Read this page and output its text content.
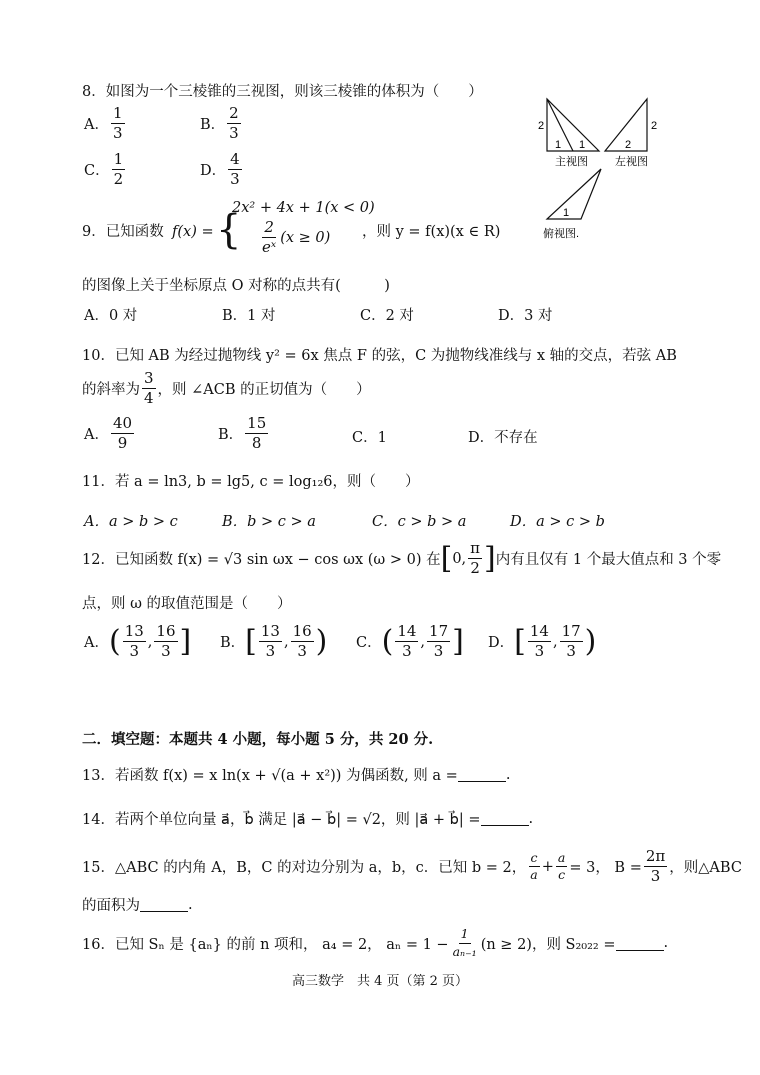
8．如图为一个三棱锥的三视图，则该三棱锥的体积为（　　）
A． $\frac{1}{3}$	B． $\frac{2}{3}$
C． $\frac{1}{2}$	D． $\frac{4}{3}$
2
1 1
主视图
2
2
左视图
1
俯视图.
9．已知函数 f(x) = {
2x² + 4x + 1(x < 0)
$\frac{2}{\text{eˣ}} (x \ge 0)$ ，则 y = f(x)(x ∈ R)
的图像上关于坐标原点 O 对称的点共有(　　　)
A．0 对	B．1 对	C．2 对	D．3 对
10．已知 AB 为经过抛物线 y² = 6x 焦点 F 的弦，C 为抛物线准线与 x 轴的交点，若弦 AB
的斜率为 $\frac{3}{4}$ ，则 ∠ACB 的正切值为（　　）
A． $\frac{40}{9}$	B． $\frac{15}{8}$	C．1	D．不存在
11．若 a = ln3, b = lg5, c = log₁₂6，则（　　）
A．a > b > c	B．b > c > a	C．c > b > a	D．a > c > b
12．已知函数 f(x) = √3 sin ωx − cos ωx (ω > 0) 在 [ 0, $\frac{\pi}{2}$ ] 内有且仅有 1 个最大值点和 3 个零
点，则 ω 的取值范围是（　　）
A． ( $\frac{13}{3}$ , $\frac{16}{3}$ ] B． [ $\frac{13}{3}$ , $\frac{16}{3}$ ) C． ( $\frac{14}{3}$ , $\frac{17}{3}$ ] D． [ $\frac{14}{3}$ , $\frac{17}{3}$ )
二．填空题：本题共 4 小题，每小题 5 分，共 20 分.
13．若函数 f(x) = x ln(x + √(a + x²)) 为偶函数, 则 a =	.
14．若两个单位向量 a⃗，b⃗ 满足 |a⃗ − b⃗| = √2，则 |a⃗ + b⃗| =	.
15．△ABC 的内角 A，B，C 的对边分别为 a，b，c．已知 b = 2， $\frac{c}{a} + \frac{a}{c} = 3$， $B = \frac{2\pi}{3}$ ，则△ABC
的面积为	.
16．已知 Sₙ 是 {aₙ} 的前 n 项和， a₄ = 2， $a_n = 1 - \frac{1}{\text{aₙ₋₁}} (n \ge 2)$，则 S₂₀₂₂ =	.
高三数学　共 4 页（第 2 页）
